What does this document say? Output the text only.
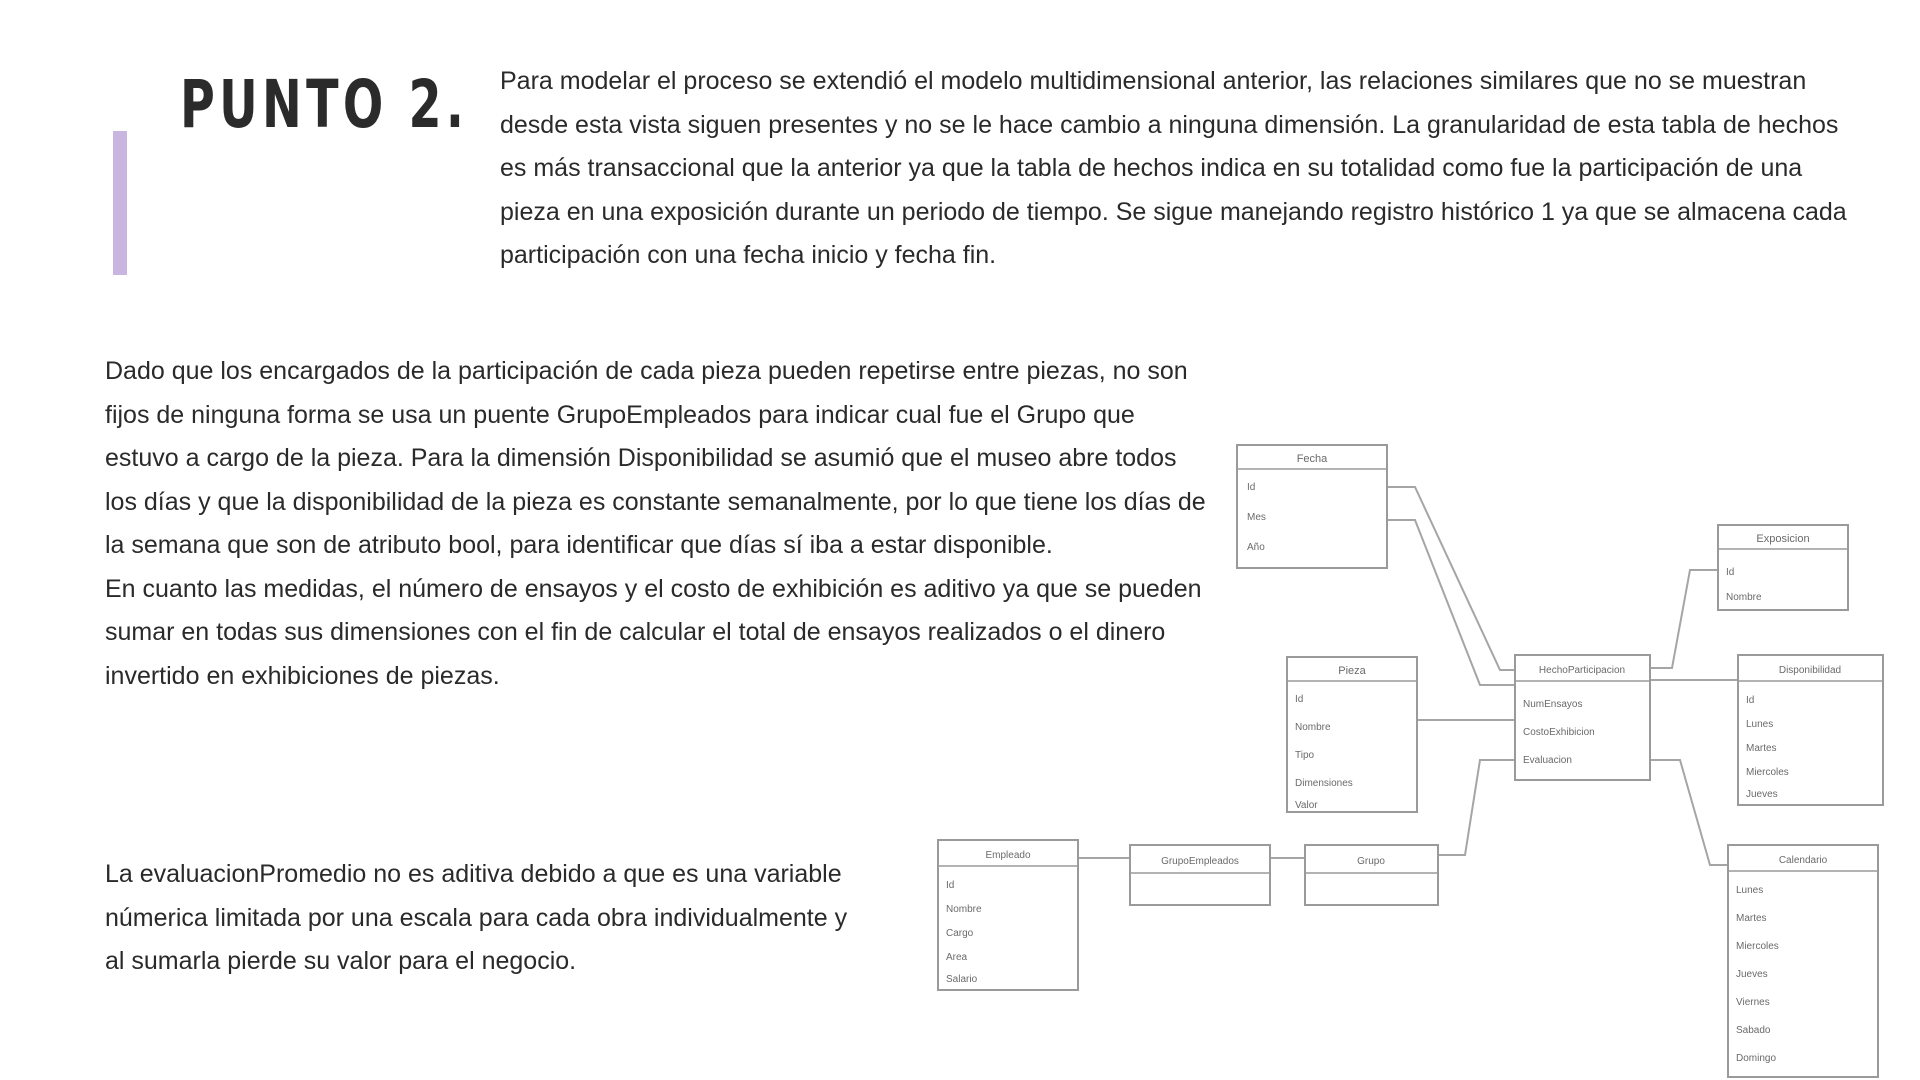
PUNTO 2. Para modelar el proceso se extendió el modelo multidimensional anterior, las relaciones similares que no se muestran desde esta vista siguen presentes y no se le hace cambio a ninguna dimensión. La granularidad de esta tabla de hechos es más transaccional que la anterior ya que la tabla de hechos indica en su totalidad como fue la participación de una pieza en una exposición durante un periodo de tiempo. Se sigue manejando registro histórico 1 ya que se almacena cada participación con una fecha inicio y fecha fin.

Dado que los encargados de la participación de cada pieza pueden repetirse entre piezas, no son fijos de ninguna forma se usa un puente GrupoEmpleados para indicar cual fue el Grupo que estuvo a cargo de la pieza. Para la dimensión Disponibilidad se asumió que el museo abre todos los días y que la disponibilidad de la pieza es constante semanalmente, por lo que tiene los días de la semana que son de atributo bool, para identificar que días sí iba a estar disponible.

En cuanto las medidas, el número de ensayos y el costo de exhibición es aditivo ya que se pueden sumar en todas sus dimensiones con el fin de calcular el total de ensayos realizados o el dinero invertido en exhibiciones de piezas.

La evaluacionPromedio no es aditiva debido a que es una variable númerica limitada por una escala para cada obra individualmente y al sumarla pierde su valor para el negocio.

Fecha
Id
Mes
Año
Pieza
Id
Nombre
Tipo
Dimensiones
Valor
HechoParticipacion
NumEnsayos
CostoExhibicion
Evaluacion
Exposicion
Id
Nombre
Disponibilidad
Id
Lunes
Martes
Miercoles
Jueves
Empleado
Id
Nombre
Cargo
Area
Salario
GrupoEmpleados	Grupo	Calendario
Lunes
Martes
Miercoles
Jueves
Viernes
Sabado
Domingo
